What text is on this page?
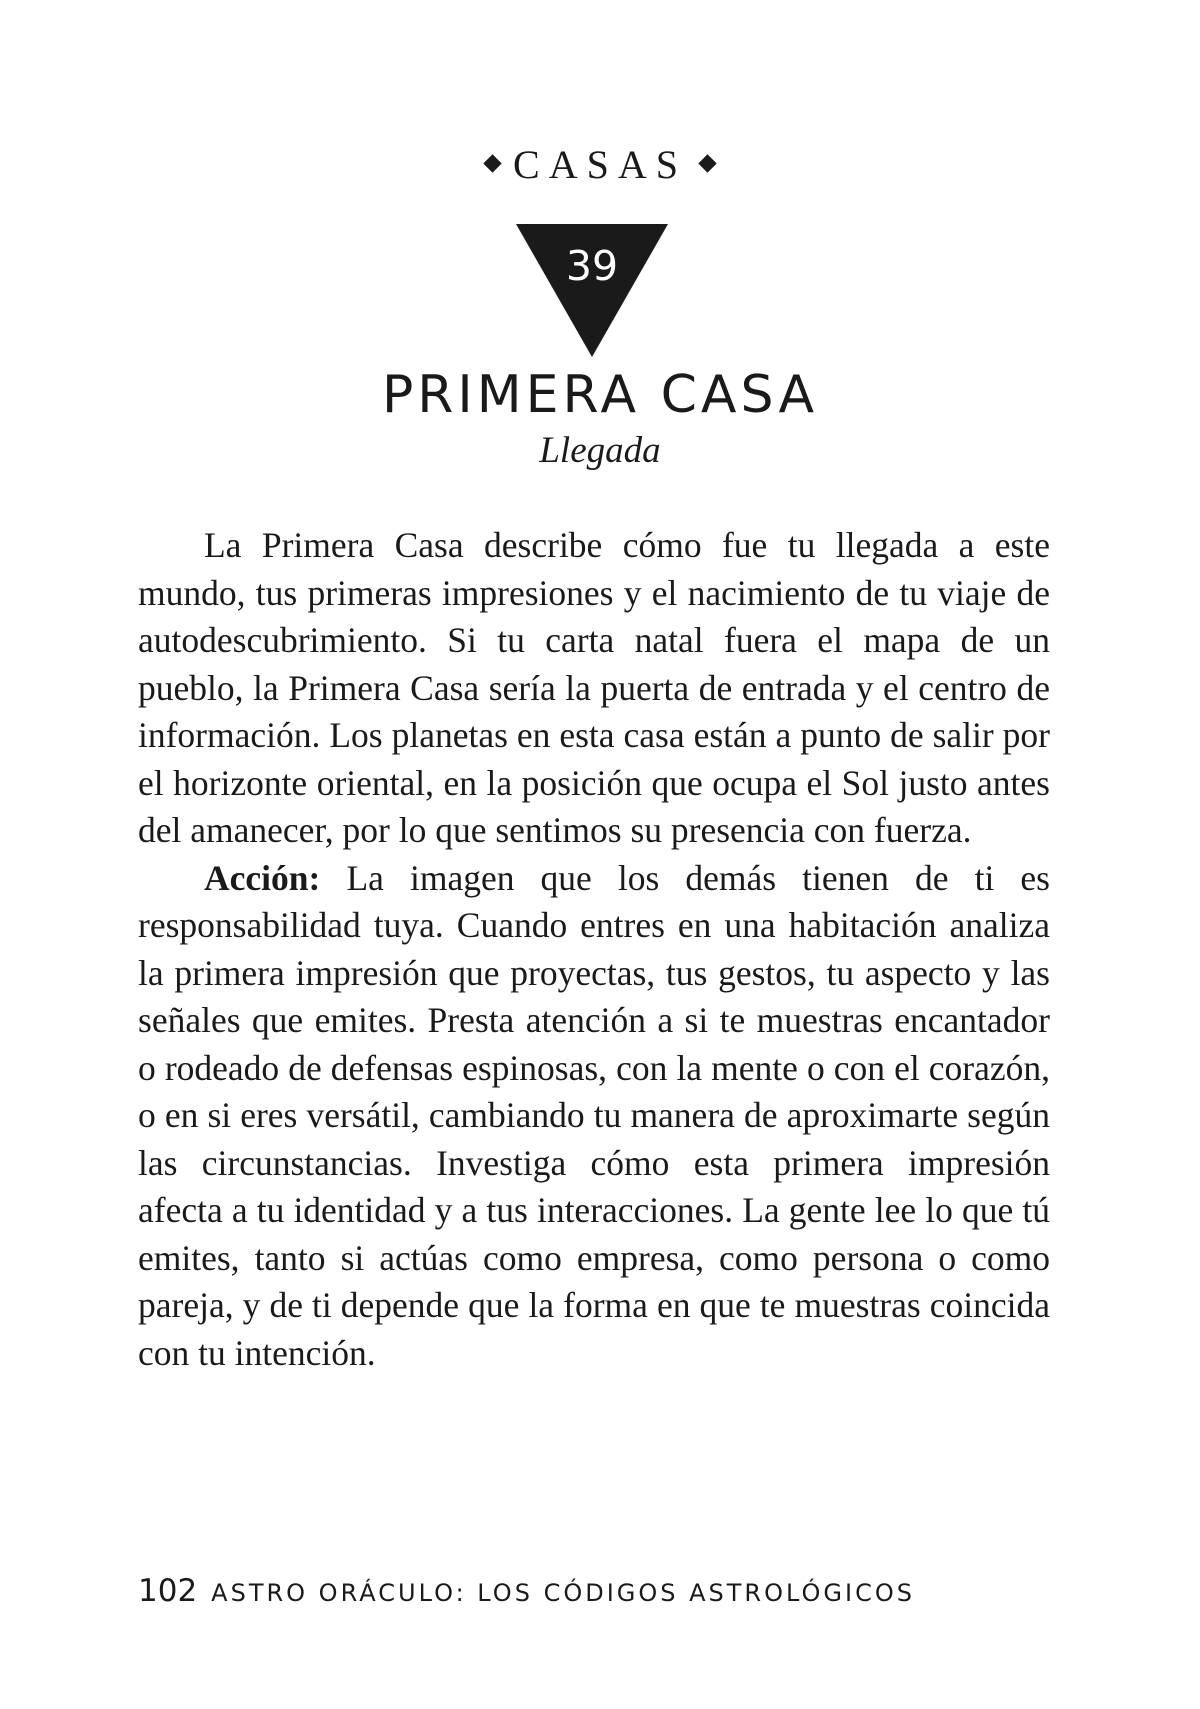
CASAS
39
PRIMERA CASA
Llegada

La Primera Casa describe cómo fue tu llegada a este mundo, tus primeras impresiones y el nacimiento de tu viaje de autodescubrimiento. Si tu carta natal fuera el mapa de un pueblo, la Primera Casa sería la puerta de entrada y el centro de información. Los planetas en esta casa están a punto de salir por el horizonte oriental, en la posición que ocupa el Sol justo antes del amanecer, por lo que sentimos su presencia con fuerza.

Acción: La imagen que los demás tienen de ti es responsabilidad tuya. Cuando entres en una habitación analiza la primera impresión que proyectas, tus gestos, tu aspecto y las señales que emites. Presta atención a si te muestras encantador o rodeado de defensas espinosas, con la mente o con el corazón, o en si eres versátil, cambiando tu manera de aproximarte según las circunstancias. Investiga cómo esta primera impresión afecta a tu identidad y a tus interacciones. La gente lee lo que tú emites, tanto si actúas como empresa, como persona o como pareja, y de ti depende que la forma en que te muestras coincida con tu intención.

102 ASTRO ORÁCULO: LOS CÓDIGOS ASTROLÓGICOS
